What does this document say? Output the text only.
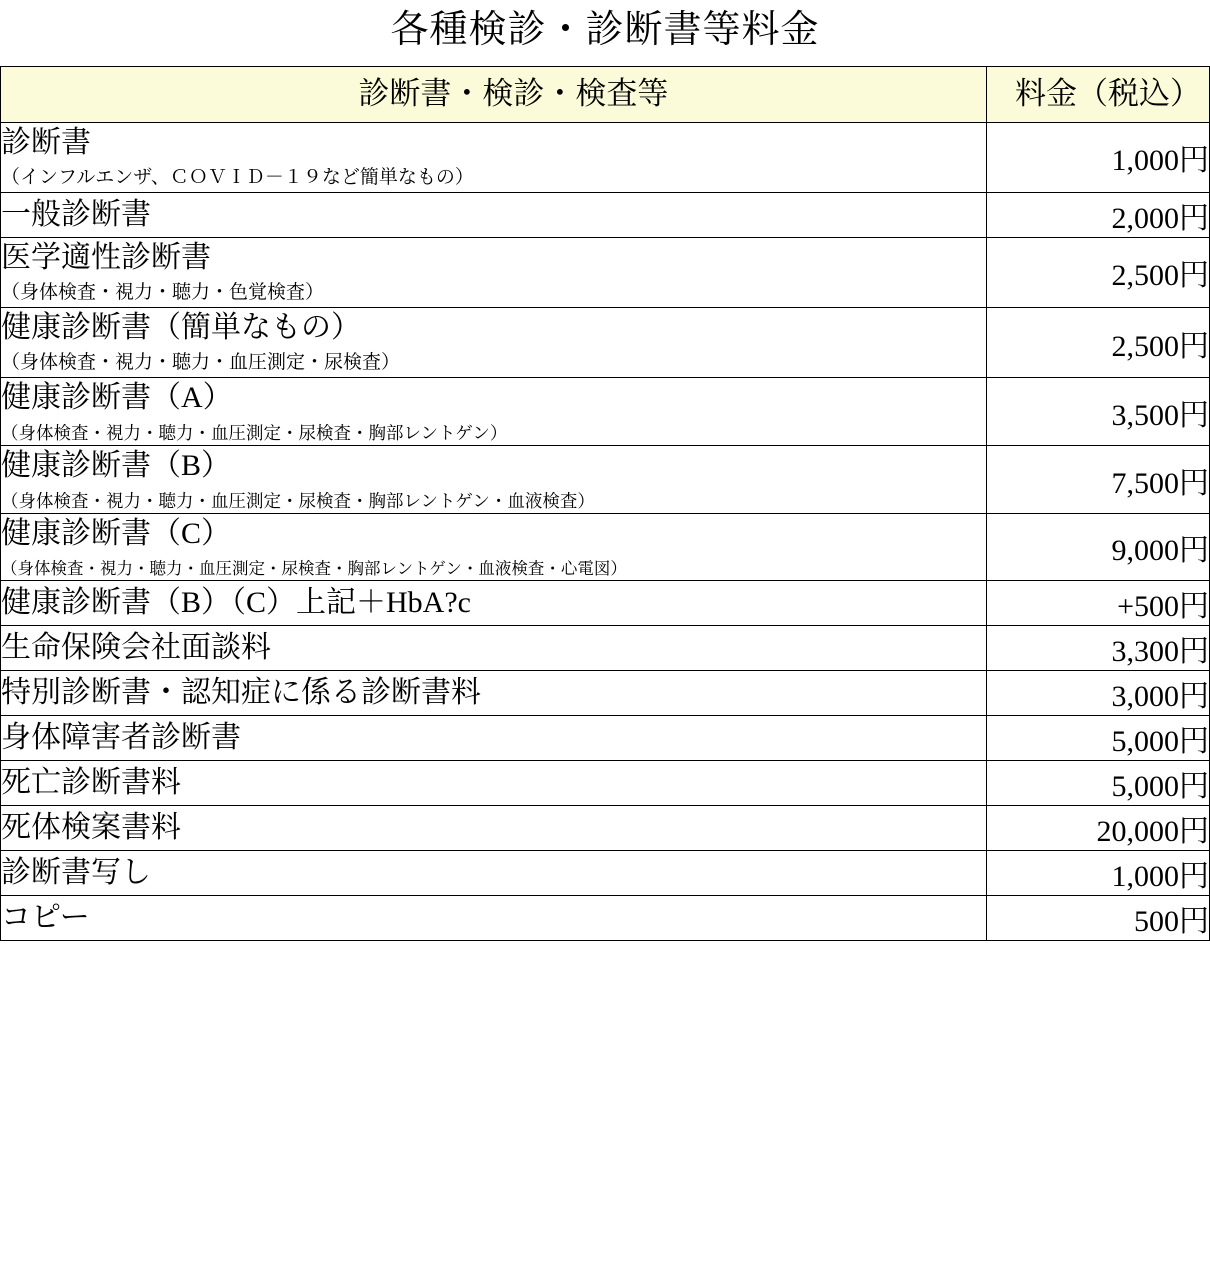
各種検診・診断書等料金
診断書・検診・検査等	料金（税込）

診断書
（インフルエンザ、ＣＯＶＩＤ－１９など簡単なもの）	1,000円

一般診断書	2,000円

医学適性診断書
（身体検査・視力・聴力・色覚検査）	2,500円

健康診断書（簡単なもの）
（身体検査・視力・聴力・血圧測定・尿検査）	2,500円

健康診断書（A）
（身体検査・視力・聴力・血圧測定・尿検査・胸部レントゲン）	3,500円

健康診断書（B）
（身体検査・視力・聴力・血圧測定・尿検査・胸部レントゲン・血液検査）	7,500円

健康診断書（C）
（身体検査・視力・聴力・血圧測定・尿検査・胸部レントゲン・血液検査・心電図）	9,000円

健康診断書（B）（C）上記＋HbA?c	+500円

生命保険会社面談料	3,300円

特別診断書・認知症に係る診断書料	3,000円

身体障害者診断書	5,000円

死亡診断書料	5,000円

死体検案書料	20,000円

診断書写し	1,000円

コピー	500円
